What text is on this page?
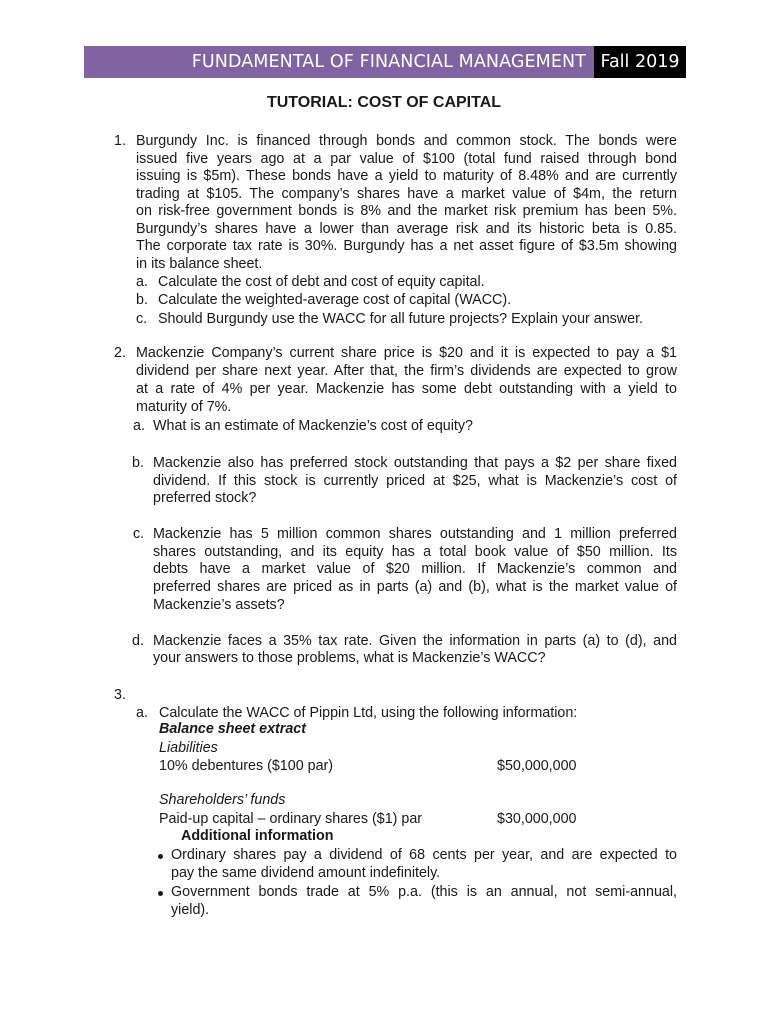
FUNDAMENTAL OF FINANCIAL MANAGEMENT Fall 2019
TUTORIAL: COST OF CAPITAL
1. Burgundy Inc. is financed through bonds and common stock. The bonds were
issued five years ago at a par value of $100 (total fund raised through bond
issuing is $5m). These bonds have a yield to maturity of 8.48% and are currently
trading at $105. The company’s shares have a market value of $4m, the return
on risk-free government bonds is 8% and the market risk premium has been 5%.
Burgundy’s shares have a lower than average risk and its historic beta is 0.85.
The corporate tax rate is 30%. Burgundy has a net asset figure of $3.5m showing
in its balance sheet.
a. Calculate the cost of debt and cost of equity capital.
b. Calculate the weighted-average cost of capital (WACC).
c. Should Burgundy use the WACC for all future projects? Explain your answer.
2. Mackenzie Company’s current share price is $20 and it is expected to pay a $1
dividend per share next year. After that, the firm’s dividends are expected to grow
at a rate of 4% per year. Mackenzie has some debt outstanding with a yield to
maturity of 7%.
a. What is an estimate of Mackenzie’s cost of equity?
b. Mackenzie also has preferred stock outstanding that pays a $2 per share fixed
dividend. If this stock is currently priced at $25, what is Mackenzie’s cost of
preferred stock?
c. Mackenzie has 5 million common shares outstanding and 1 million preferred
shares outstanding, and its equity has a total book value of $50 million. Its
debts have a market value of $20 million. If Mackenzie’s common and
preferred shares are priced as in parts (a) and (b), what is the market value of
Mackenzie’s assets?
d. Mackenzie faces a 35% tax rate. Given the information in parts (a) to (d), and
your answers to those problems, what is Mackenzie’s WACC?
3.
a. Calculate the WACC of Pippin Ltd, using the following information:
Balance sheet extract
Liabilities
10% debentures ($100 par)	$50,000,000
Shareholders’ funds
Paid-up capital – ordinary shares ($1) par	$30,000,000
Additional information
Ordinary shares pay a dividend of 68 cents per year, and are expected to
pay the same dividend amount indefinitely.
Government bonds trade at 5% p.a. (this is an annual, not semi-annual,
yield).
